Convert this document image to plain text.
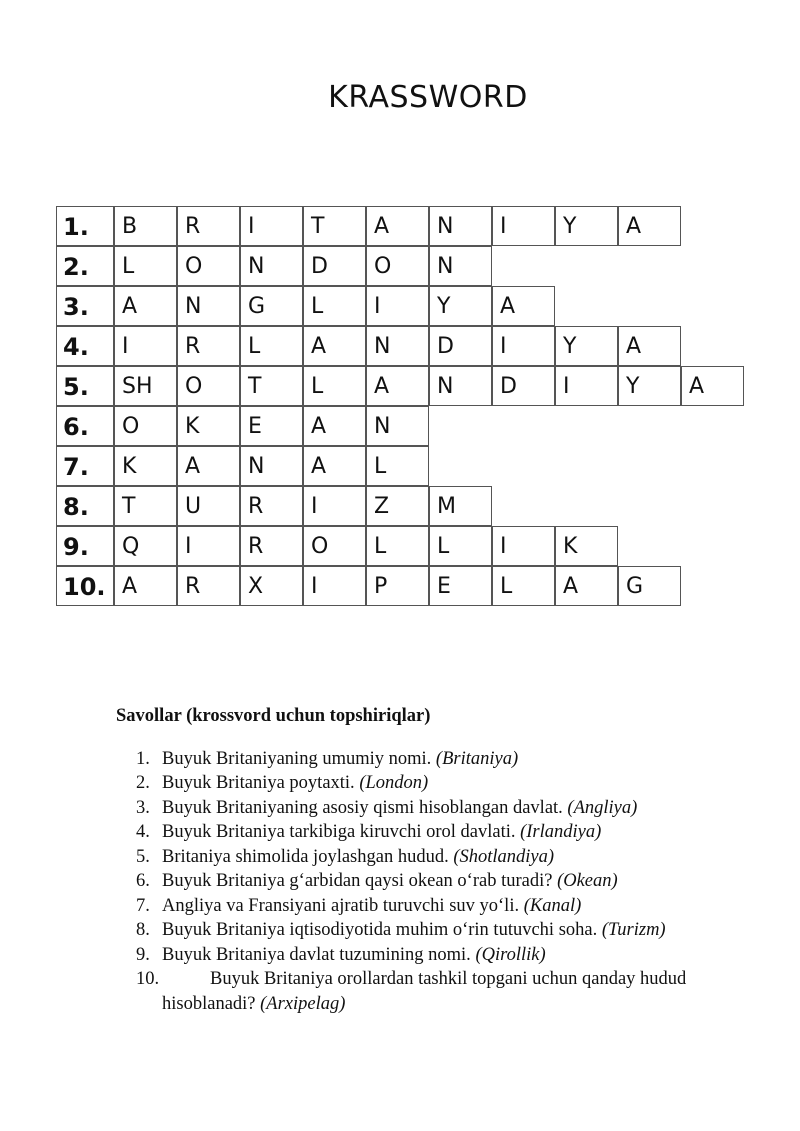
KRASSWORD
1.	B	R	I	T	A	N	I	Y	A
2.	L	O	N	D	O	N
3.	A	N	G	L	I	Y	A
4.	I	R	L	A	N	D	I	Y	A
5.	SH	O	T	L	A	N	D	I	Y	A
6.	O	K	E	A	N
7.	K	A	N	A	L
8.	T	U	R	I	Z	M
9.	Q	I	R	O	L	L	I	K
10. A	R	X	I	P	E	L	A	G

Savollar (krossvord uchun topshiriqlar)

1. Buyuk Britaniyaning umumiy nomi. (Britaniya)
2. Buyuk Britaniya poytaxti. (London)
3. Buyuk Britaniyaning asosiy qismi hisoblangan davlat. (Angliya)
4. Buyuk Britaniya tarkibiga kiruvchi orol davlati. (Irlandiya)
5. Britaniya shimolida joylashgan hudud. (Shotlandiya)
6. Buyuk Britaniya g‘arbidan qaysi okean o‘rab turadi? (Okean)
7. Angliya va Fransiyani ajratib turuvchi suv yo‘li. (Kanal)
8. Buyuk Britaniya iqtisodiyotida muhim o‘rin tutuvchi soha. (Turizm)
9. Buyuk Britaniya davlat tuzumining nomi. (Qirollik)
10.	Buyuk Britaniya orollardan tashkil topgani uchun qanday hudud hisoblanadi? (Arxipelag)
